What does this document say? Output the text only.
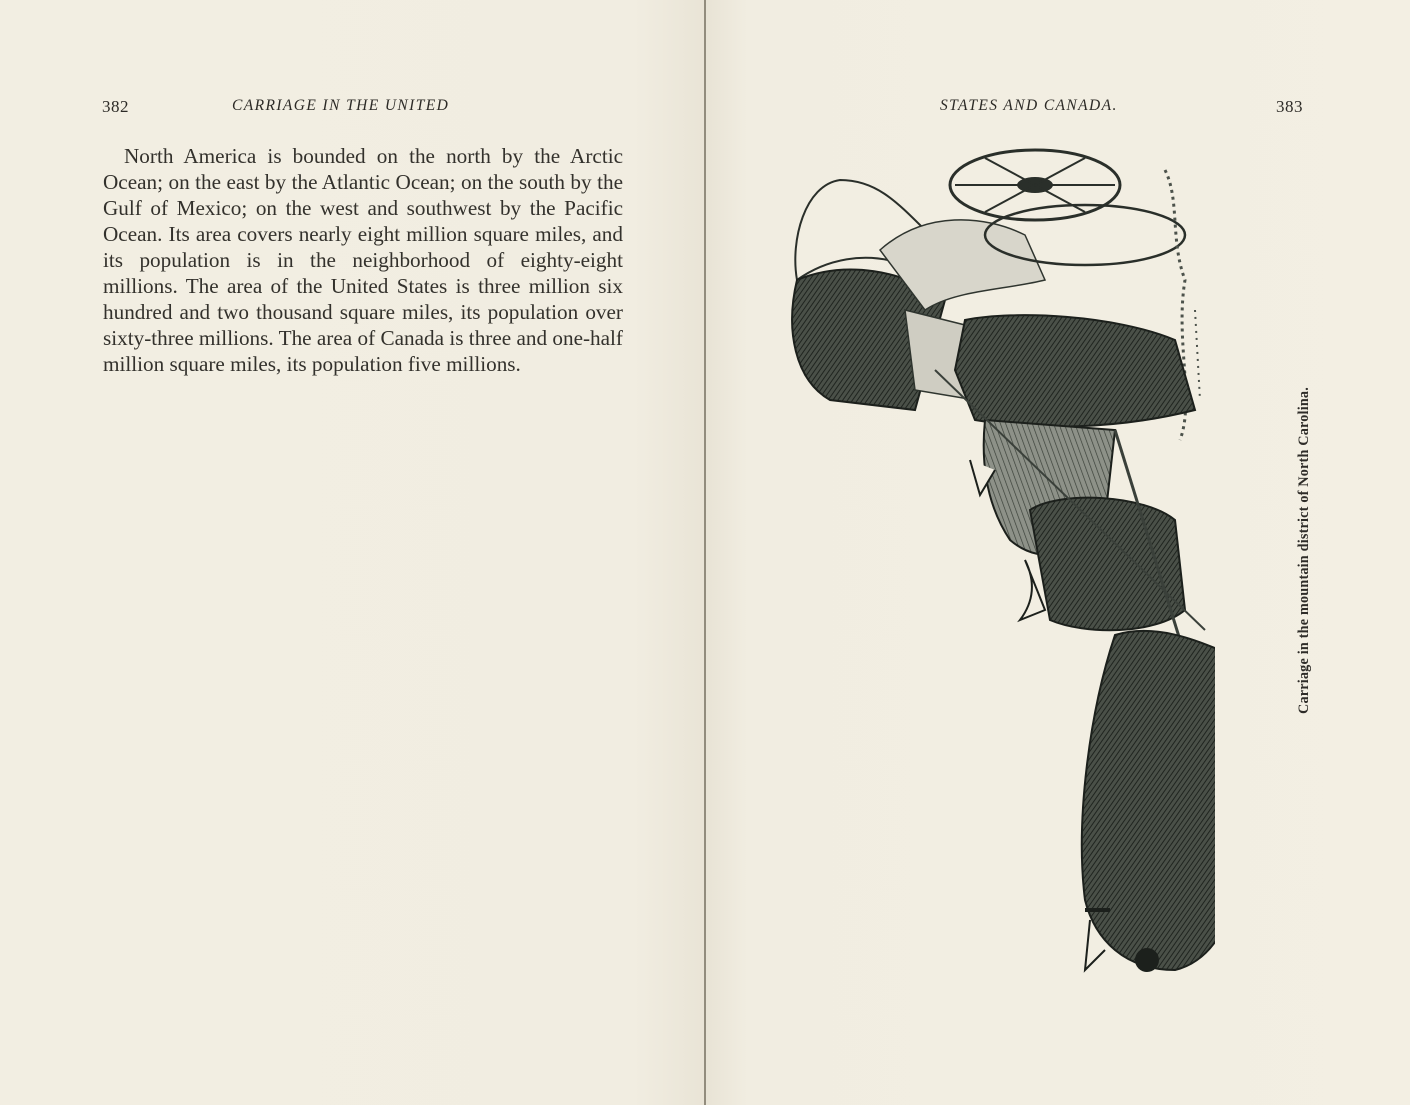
382	CARRIAGE IN THE UNITED

North America is bounded on the north by the Arctic Ocean; on the east by the Atlantic Ocean; on the south by the Gulf of Mexico; on the west and southwest by the Pacific Ocean. Its area covers nearly eight million square miles, and its population is in the neighborhood of eighty-eight millions. The area of the United States is three million six hundred and two thousand square miles, its population over sixty-three millions. The area of Canada is three and one-half million square miles, its population five millions.

STATES AND CANADA.	383
Carriage in the mountain district of North Carolina.
